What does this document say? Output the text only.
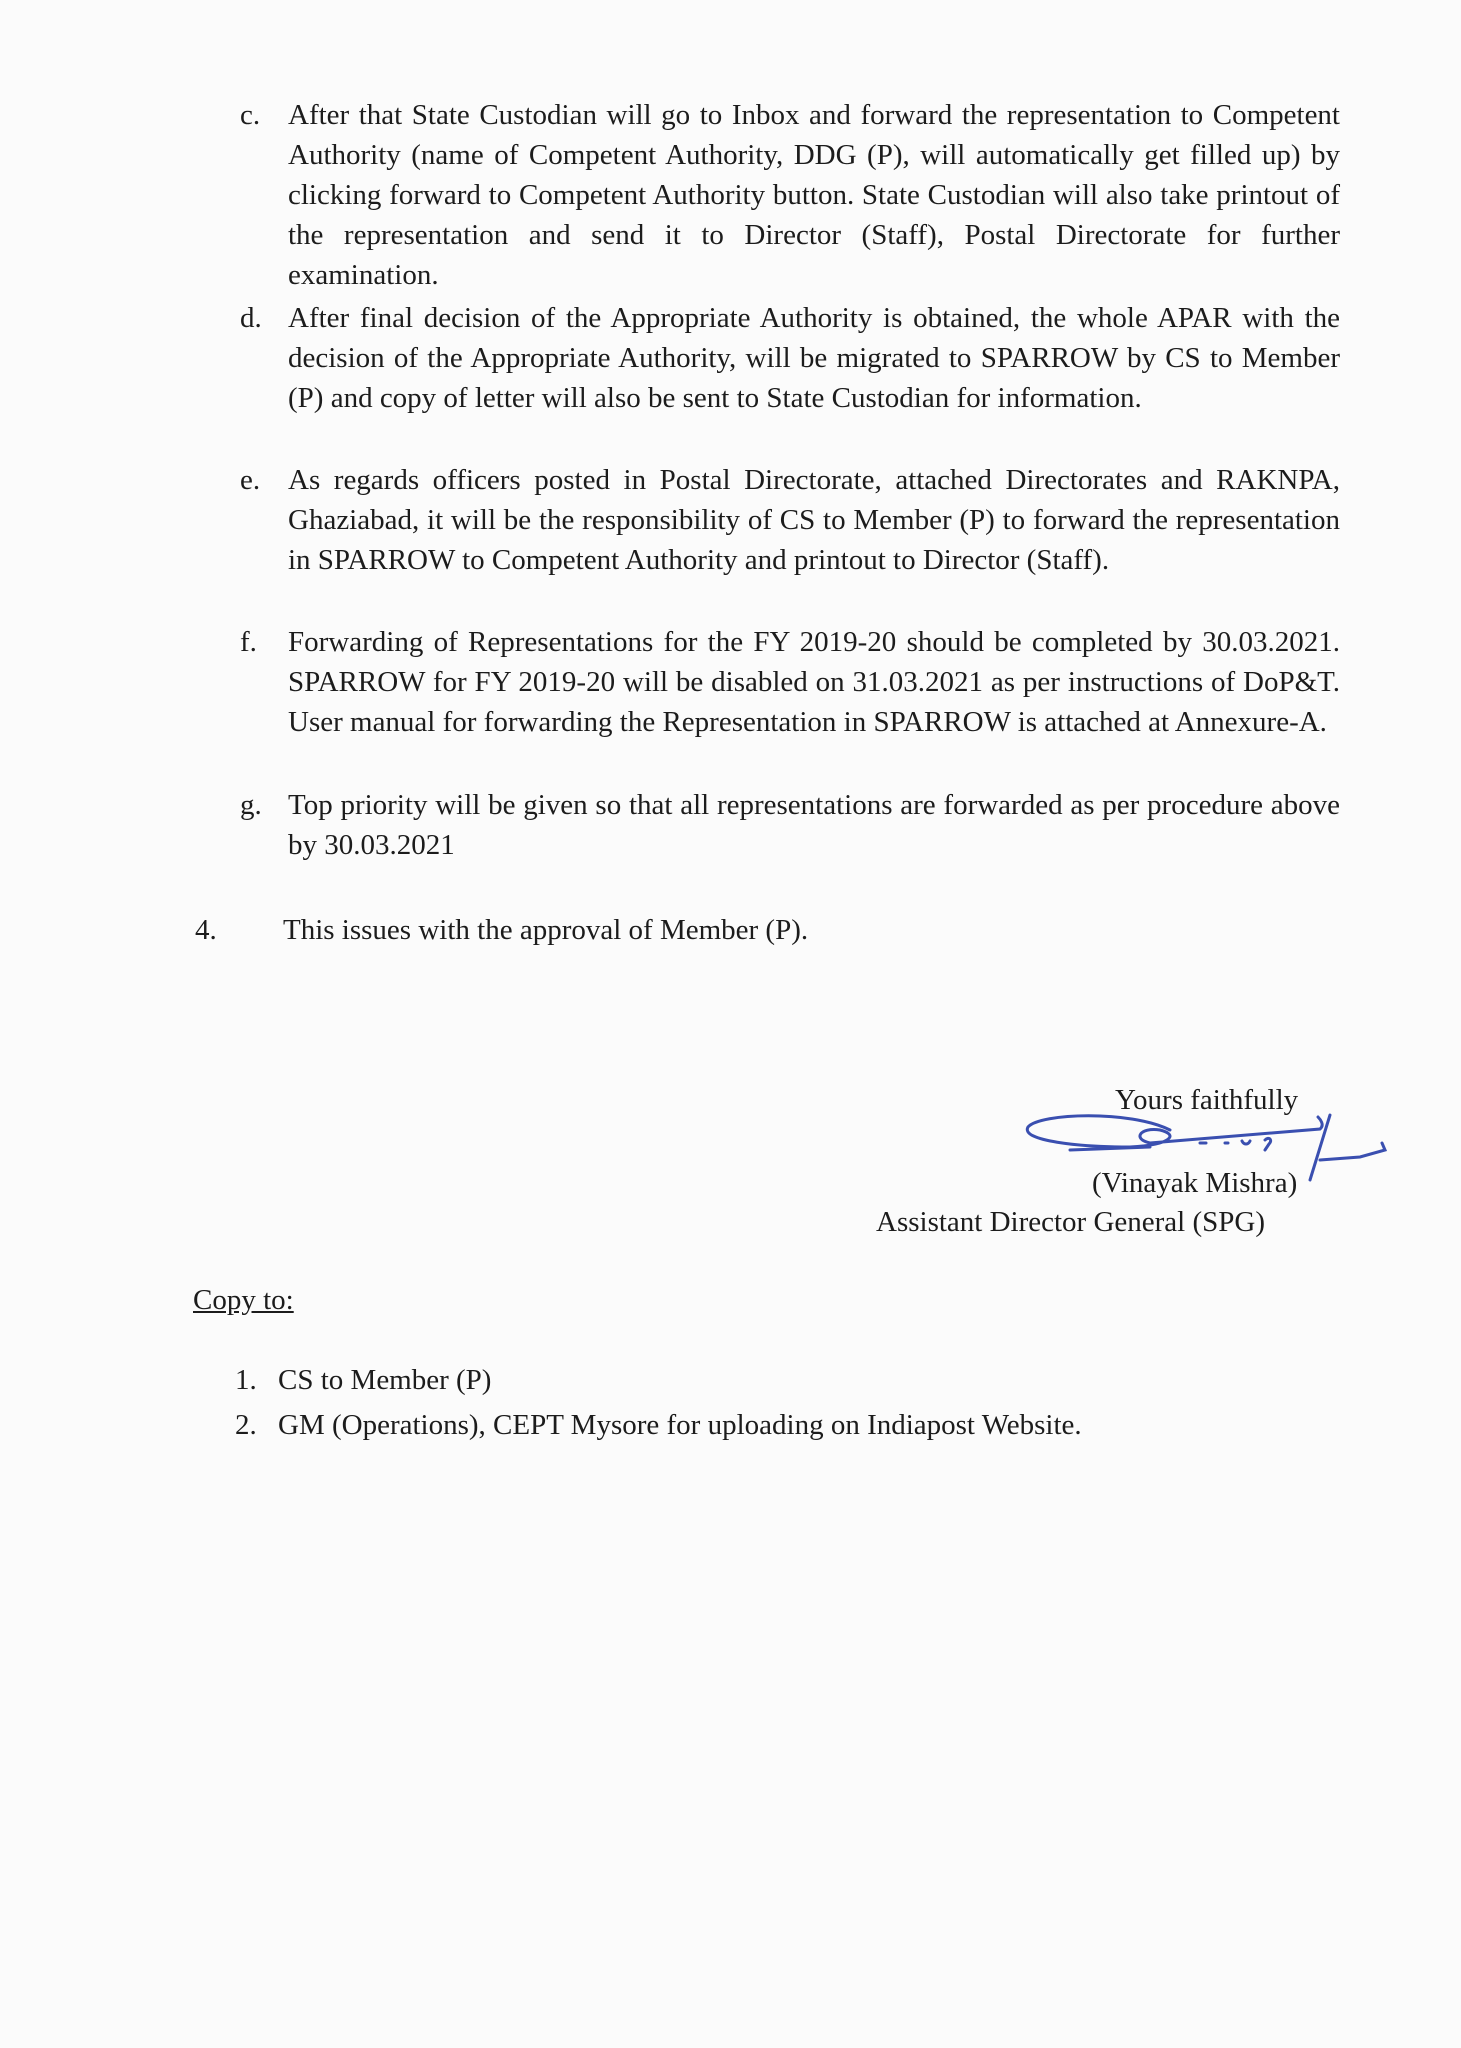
c. After that State Custodian will go to Inbox and forward the representation to Competent Authority (name of Competent Authority, DDG (P), will automatically get filled up) by clicking forward to Competent Authority button. State Custodian will also take printout of the representation and send it to Director (Staff), Postal Directorate for further examination.
d. After final decision of the Appropriate Authority is obtained, the whole APAR with the decision of the Appropriate Authority, will be migrated to SPARROW by CS to Member (P) and copy of letter will also be sent to State Custodian for information.
e. As regards officers posted in Postal Directorate, attached Directorates and RAKNPA, Ghaziabad, it will be the responsibility of CS to Member (P) to forward the representation in SPARROW to Competent Authority and printout to Director (Staff).
f.	Forwarding of Representations for the FY 2019-20 should be completed by 30.03.2021. SPARROW for FY 2019-20 will be disabled on 31.03.2021 as per instructions of DoP&T. User manual for forwarding the Representation in SPARROW is attached at Annexure-A.
g. Top priority will be given so that all representations are forwarded as per procedure above by 30.03.2021
4.	This issues with the approval of Member (P).
Yours faithfully
(Vinayak Mishra)
Assistant Director General (SPG)
Copy to:
1. CS to Member (P)
2. GM (Operations), CEPT Mysore for uploading on Indiapost Website.
